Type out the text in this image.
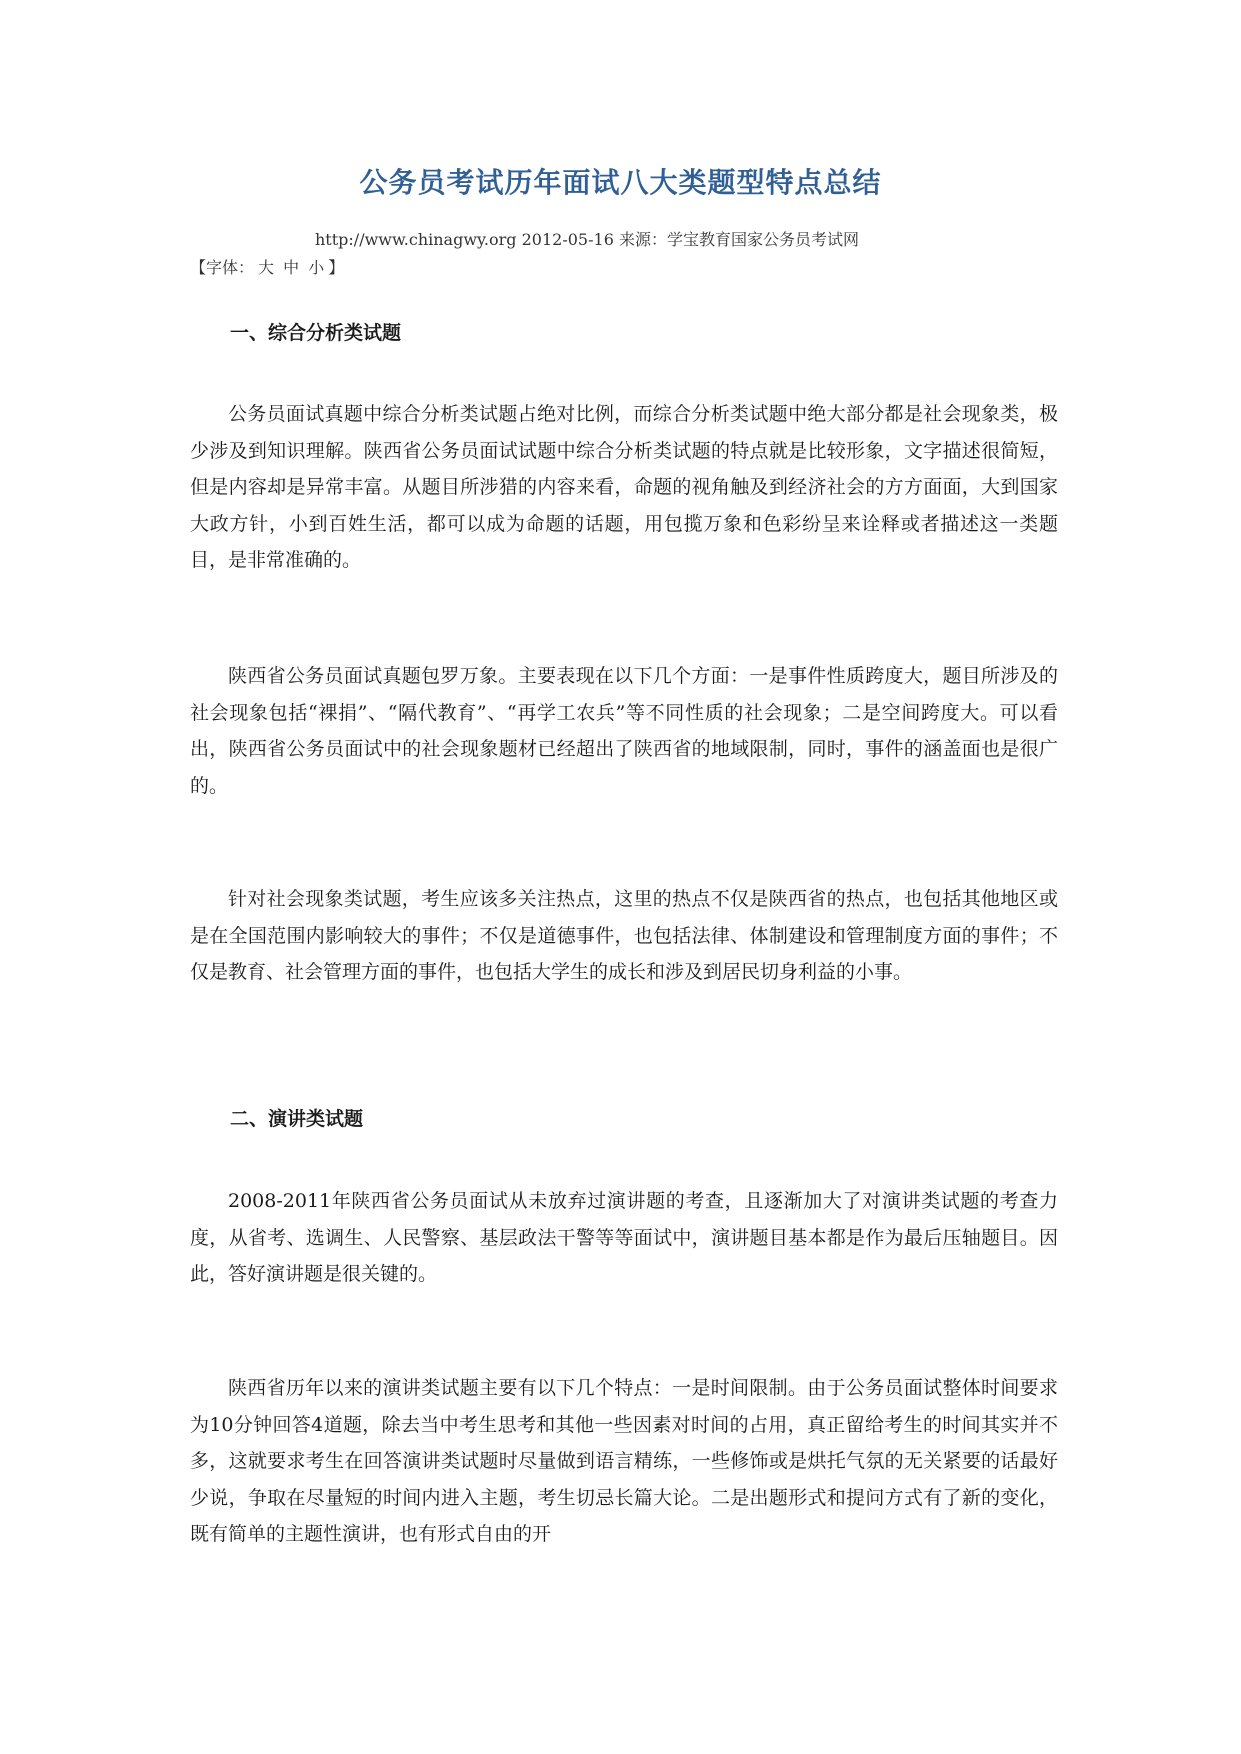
公务员考试历年面试八大类题型特点总结
http://www.chinagwy.org 2012-05-16 来源：学宝教育国家公务员考试网
【字体： 大 中 小 】
一、综合分析类试题

公务员面试真题中综合分析类试题占绝对比例，而综合分析类试题中绝大部分都是社会现象类，极少涉及到知识理解。陕西省公务员面试试题中综合分析类试题的特点就是比较形象，文字描述很简短，但是内容却是异常丰富。从题目所涉猎的内容来看，命题的视角触及到经济社会的方方面面，大到国家大政方针，小到百姓生活，都可以成为命题的话题，用包揽万象和色彩纷呈来诠释或者描述这一类题目，是非常准确的。

陕西省公务员面试真题包罗万象。主要表现在以下几个方面：一是事件性质跨度大，题目所涉及的社会现象包括“裸捐”、“隔代教育”、“再学工农兵”等不同性质的社会现象；二是空间跨度大。可以看出，陕西省公务员面试中的社会现象题材已经超出了陕西省的地域限制，同时，事件的涵盖面也是很广的。

针对社会现象类试题，考生应该多关注热点，这里的热点不仅是陕西省的热点，也包括其他地区或是在全国范围内影响较大的事件；不仅是道德事件，也包括法律、体制建设和管理制度方面的事件；不仅是教育、社会管理方面的事件，也包括大学生的成长和涉及到居民切身利益的小事。

二、演讲类试题

2008-2011年陕西省公务员面试从未放弃过演讲题的考查，且逐渐加大了对演讲类试题的考查力度，从省考、选调生、人民警察、基层政法干警等等面试中，演讲题目基本都是作为最后压轴题目。因此，答好演讲题是很关键的。

陕西省历年以来的演讲类试题主要有以下几个特点：一是时间限制。由于公务员面试整体时间要求为10分钟回答4道题，除去当中考生思考和其他一些因素对时间的占用，真正留给考生的时间其实并不多，这就要求考生在回答演讲类试题时尽量做到语言精练，一些修饰或是烘托气氛的无关紧要的话最好少说，争取在尽量短的时间内进入主题，考生切忌长篇大论。二是出题形式和提问方式有了新的变化，既有简单的主题性演讲，也有形式自由的开
